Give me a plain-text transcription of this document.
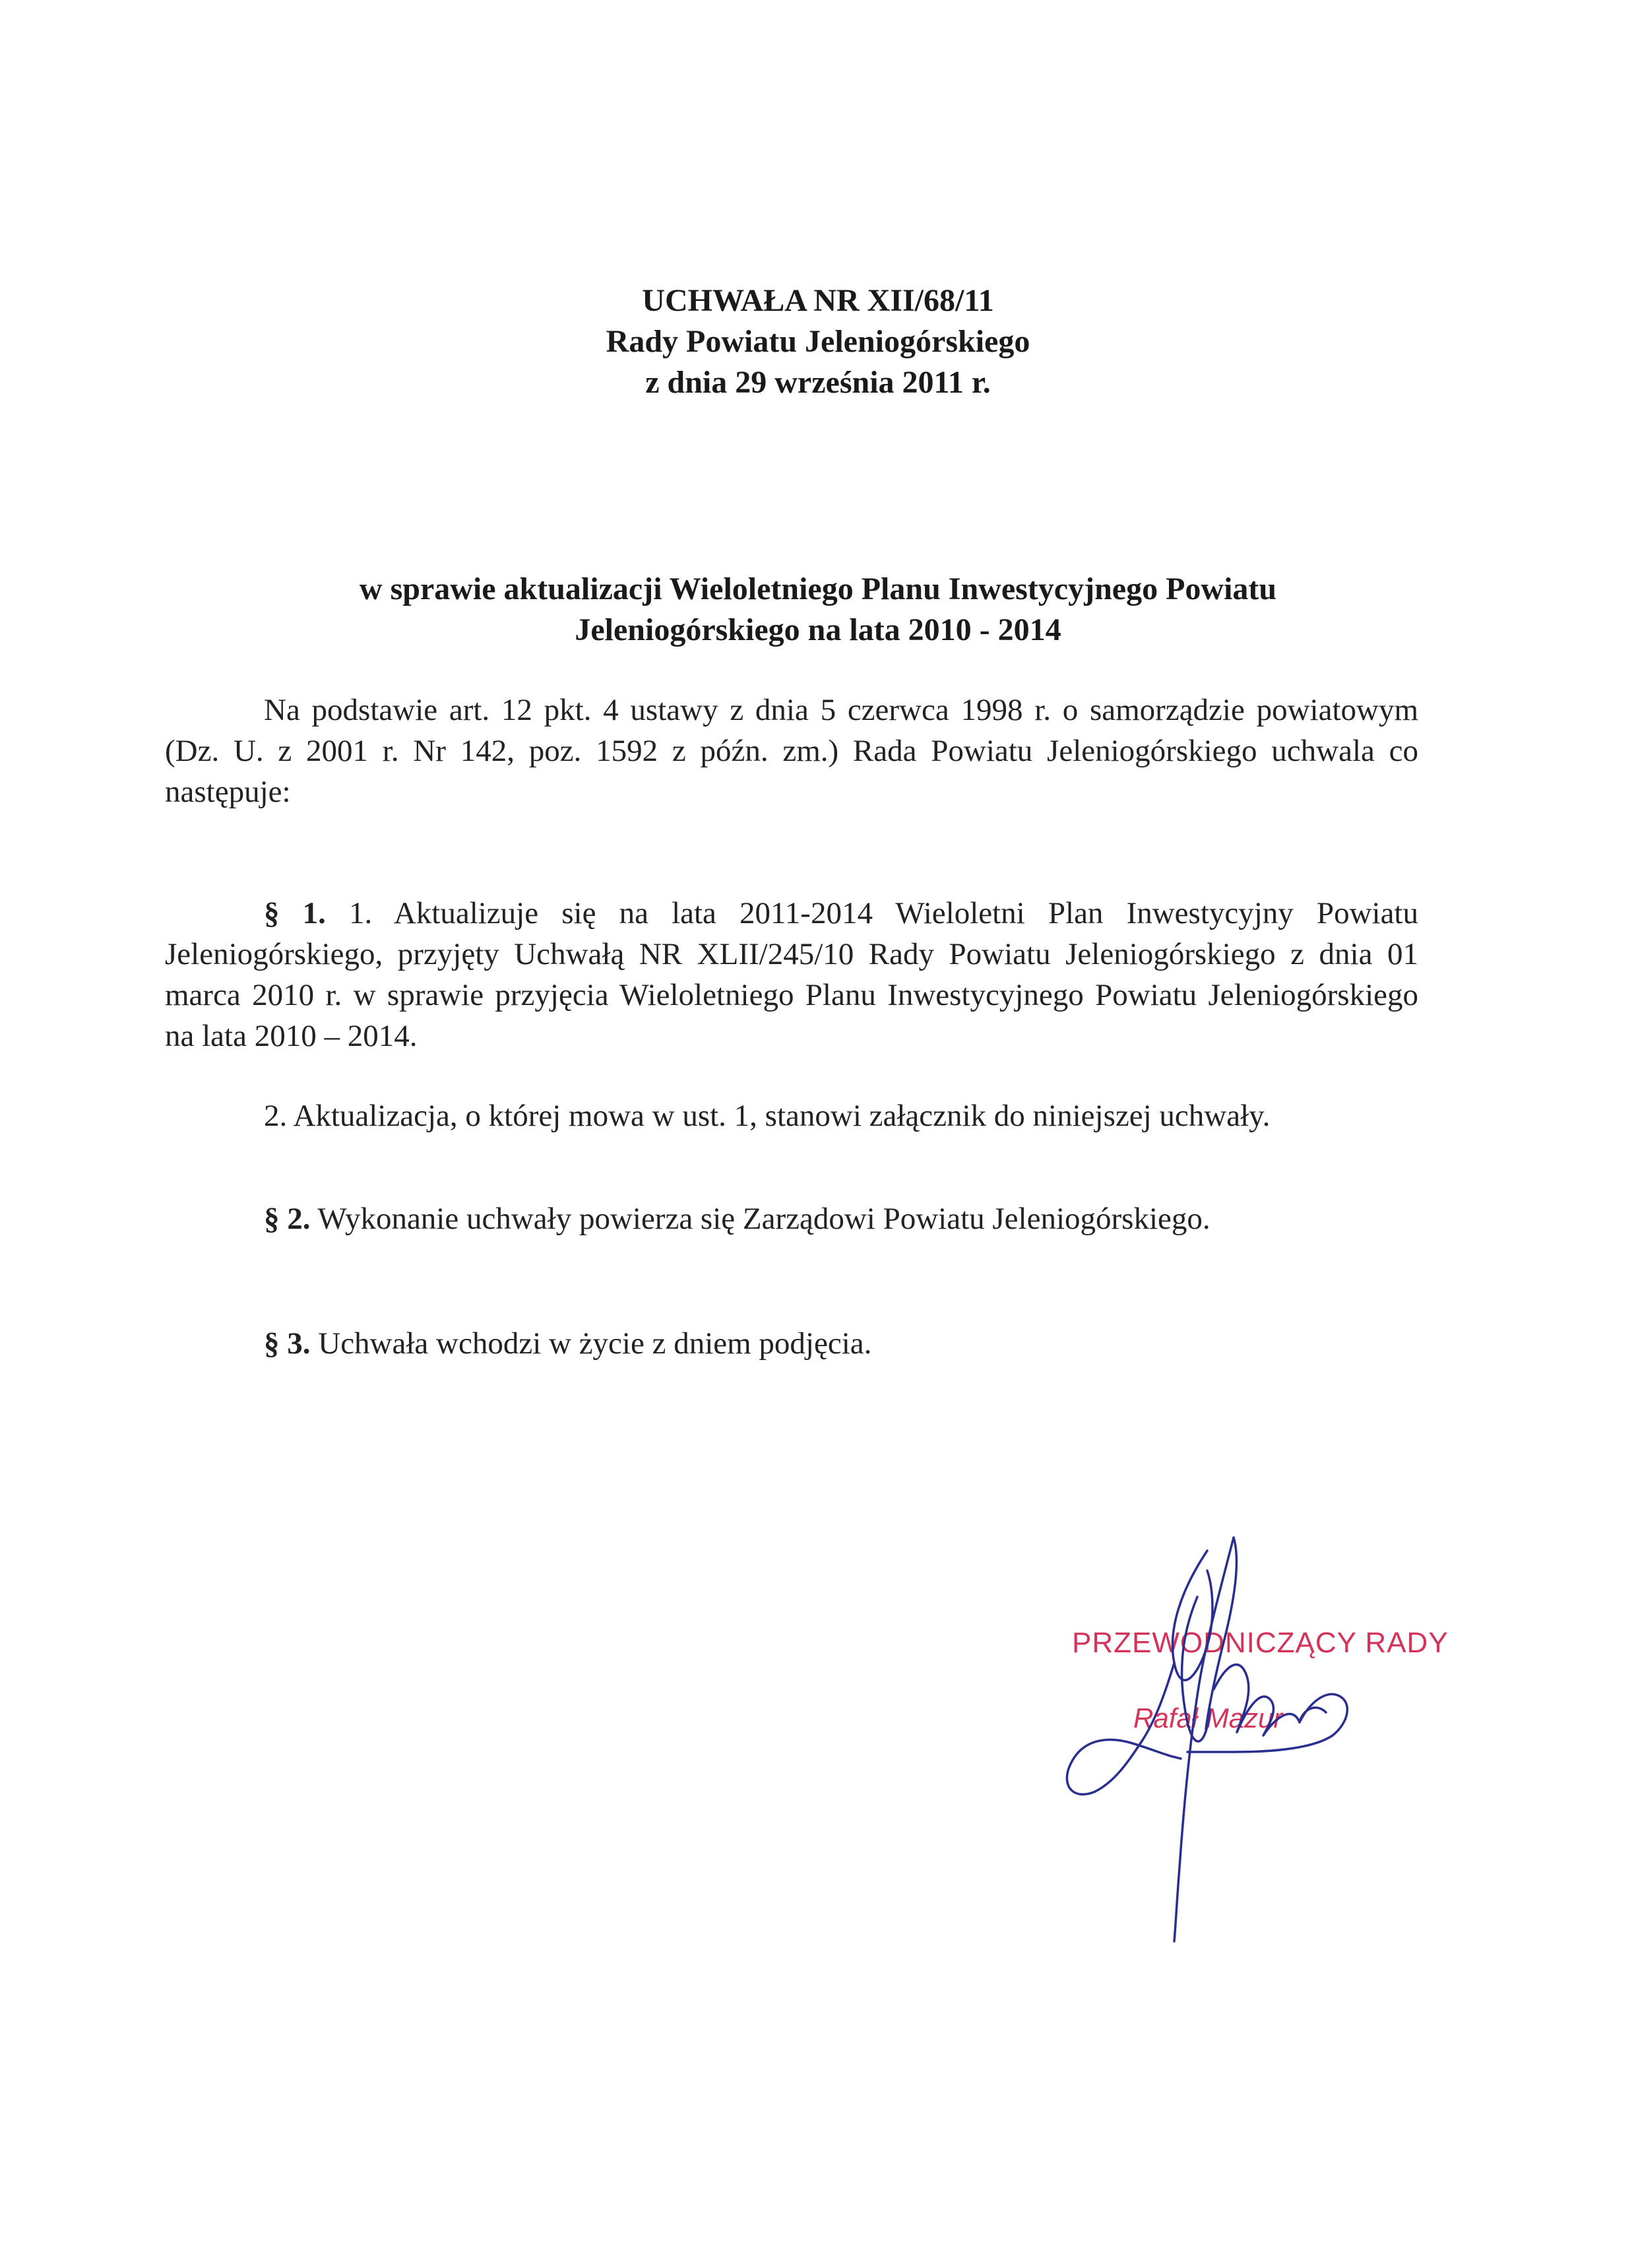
UCHWAŁA NR XII/68/11
Rady Powiatu Jeleniogórskiego
z dnia 29 września 2011 r.
w sprawie aktualizacji Wieloletniego Planu Inwestycyjnego Powiatu
Jeleniogórskiego na lata 2010 - 2014
Na podstawie art. 12 pkt. 4 ustawy z dnia 5 czerwca 1998 r. o samorządzie powiatowym (Dz. U. z 2001 r. Nr 142, poz. 1592 z późn. zm.) Rada Powiatu Jeleniogórskiego uchwala co następuje:
§ 1. 1. Aktualizuje się na lata 2011-2014 Wieloletni Plan Inwestycyjny Powiatu Jeleniogórskiego, przyjęty Uchwałą NR XLII/245/10 Rady Powiatu Jeleniogórskiego z dnia 01 marca 2010 r. w sprawie przyjęcia Wieloletniego Planu Inwestycyjnego Powiatu Jeleniogórskiego na lata 2010 – 2014.
2. Aktualizacja, o której mowa w ust. 1, stanowi załącznik do niniejszej uchwały.
§ 2. Wykonanie uchwały powierza się Zarządowi Powiatu Jeleniogórskiego.
§ 3. Uchwała wchodzi w życie z dniem podjęcia.
PRZEWODNICZĄCY RADY
Rafał Mazur
